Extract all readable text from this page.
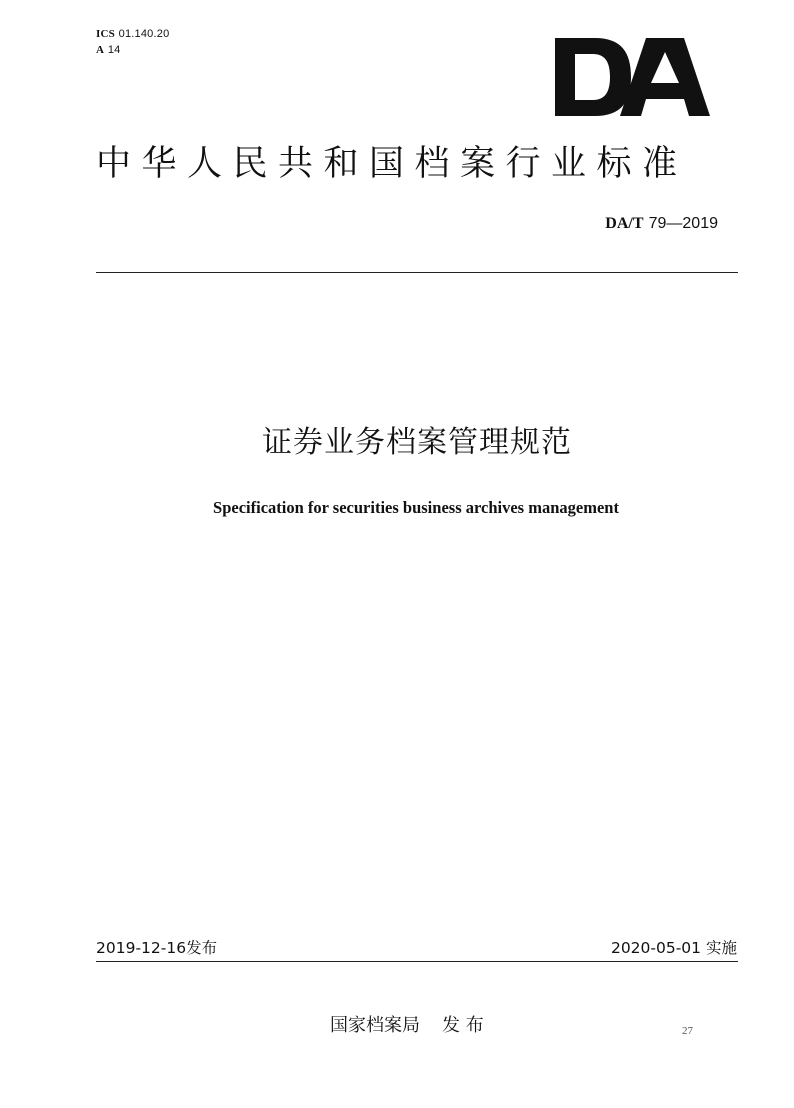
ICS 01.140.20
A 14
中华人民共和国档案行业标准
DA/T 79—2019
证券业务档案管理规范
Specification for securities business archives management
2019-12-16发布	2020-05-01 实施
国家档案局 发 布	27
